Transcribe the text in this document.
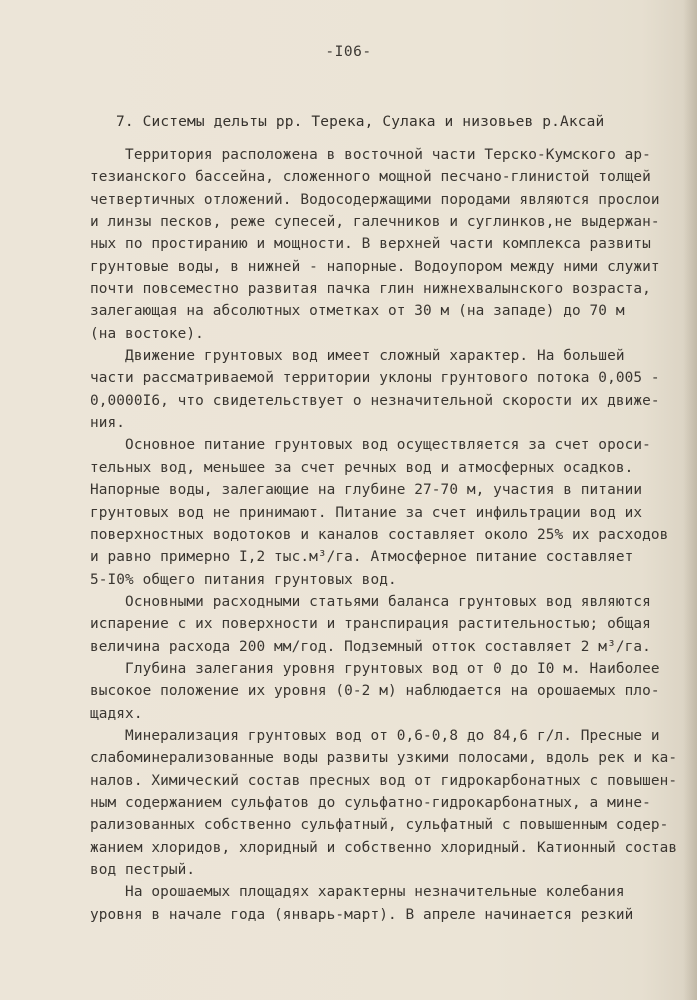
-I06-
7. Системы дельты рр. Терека, Сулака и низовьев р.Аксай
Территория расположена в восточной части Терско-Кумского ар-
тезианского бассейна, сложенного мощной песчано-глинистой толщей
четвертичных отложений. Водосодержащими породами являются прослои
и линзы песков, реже супесей, галечников и суглинков,не выдержан-
ных по простиранию и мощности. В верхней части комплекса развиты
грунтовые воды, в нижней - напорные. Водоупором между ними служит
почти повсеместно развитая пачка глин нижнехвалынского возраста,
залегающая на абсолютных отметках от 30 м (на западе) до 70 м
(на востоке).
Движение грунтовых вод имеет сложный характер. На большей
части рассматриваемой территории уклоны грунтового потока 0,005 -
0,0000I6, что свидетельствует о незначительной скорости их движе-
ния.
Основное питание грунтовых вод осуществляется за счет ороси-
тельных вод, меньшее за счет речных вод и атмосферных осадков.
Напорные воды, залегающие на глубине 27-70 м, участия в питании
грунтовых вод не принимают. Питание за счет инфильтрации вод их
поверхностных водотоков и каналов составляет около 25% их расходов
и равно примерно I,2 тыс.м³/га. Атмосферное питание составляет
5-I0% общего питания грунтовых вод.
Основными расходными статьями баланса грунтовых вод являются
испарение с их поверхности и транспирация растительностью; общая
величина расхода 200 мм/год. Подземный отток составляет 2 м³/га.
Глубина залегания уровня грунтовых вод от 0 до I0 м. Наиболее
высокое положение их уровня (0-2 м) наблюдается на орошаемых пло-
щадях.
Минерализация грунтовых вод от 0,6-0,8 до 84,6 г/л. Пресные и
слабоминерализованные воды развиты узкими полосами, вдоль рек и ка-
налов. Химический состав пресных вод от гидрокарбонатных с повышен-
ным содержанием сульфатов до сульфатно-гидрокарбонатных, а мине-
рализованных собственно сульфатный, сульфатный с повышенным содер-
жанием хлоридов, хлоридный и собственно хлоридный. Катионный состав
вод пестрый.
На орошаемых площадях характерны незначительные колебания
уровня в начале года (январь-март). В апреле начинается резкий
